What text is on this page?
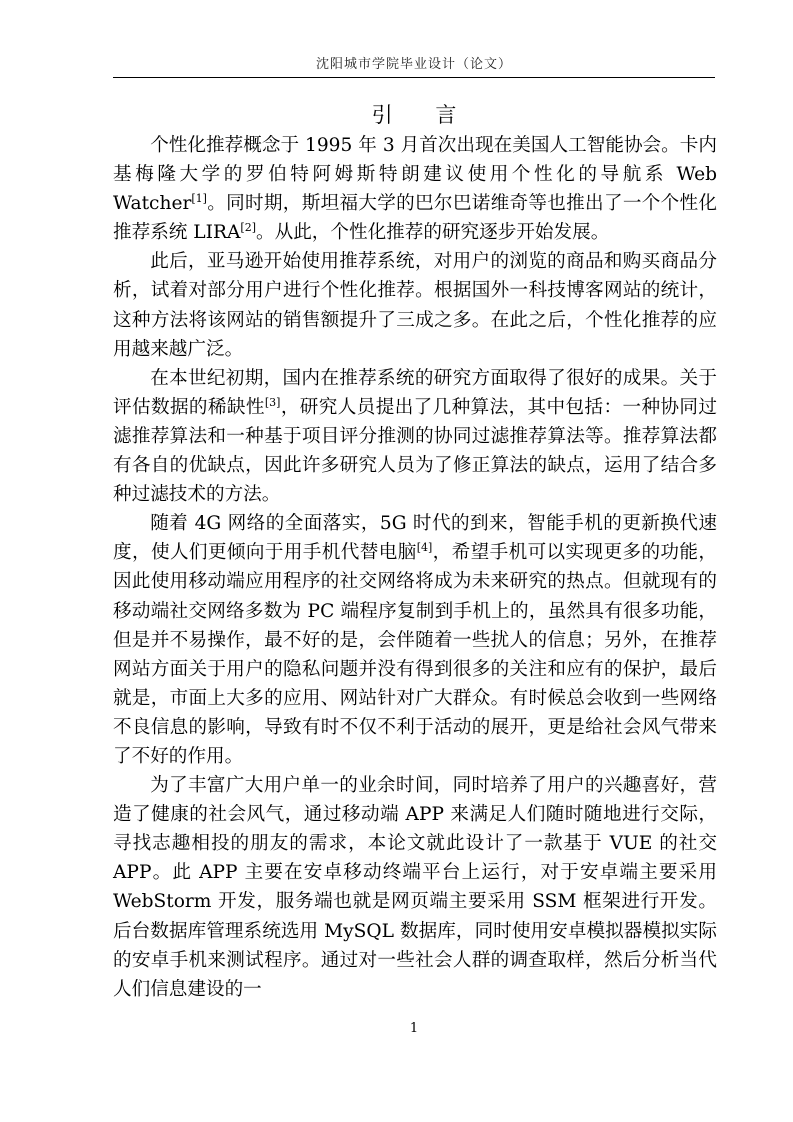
沈阳城市学院毕业设计（论文）
引 言

个性化推荐概念于 1995 年 3 月首次出现在美国人工智能协会。卡内基梅隆大学的罗伯特阿姆斯特朗建议使用个性化的导航系 Web Watcher[1]。同时期，斯坦福大学的巴尔巴诺维奇等也推出了一个个性化推荐系统 LIRA[2]。从此，个性化推荐的研究逐步开始发展。

此后，亚马逊开始使用推荐系统，对用户的浏览的商品和购买商品分析，试着对部分用户进行个性化推荐。根据国外一科技博客网站的统计，这种方法将该网站的销售额提升了三成之多。在此之后，个性化推荐的应用越来越广泛。

在本世纪初期，国内在推荐系统的研究方面取得了很好的成果。关于评估数据的稀缺性[3]，研究人员提出了几种算法，其中包括：一种协同过滤推荐算法和一种基于项目评分推测的协同过滤推荐算法等。推荐算法都有各自的优缺点，因此许多研究人员为了修正算法的缺点，运用了结合多种过滤技术的方法。

随着 4G 网络的全面落实，5G 时代的到来，智能手机的更新换代速度，使人们更倾向于用手机代替电脑[4]，希望手机可以实现更多的功能，因此使用移动端应用程序的社交网络将成为未来研究的热点。但就现有的移动端社交网络多数为 PC 端程序复制到手机上的，虽然具有很多功能，但是并不易操作，最不好的是，会伴随着一些扰人的信息；另外，在推荐网站方面关于用户的隐私问题并没有得到很多的关注和应有的保护，最后就是，市面上大多的应用、网站针对广大群众。有时候总会收到一些网络不良信息的影响，导致有时不仅不利于活动的展开，更是给社会风气带来了不好的作用。

为了丰富广大用户单一的业余时间，同时培养了用户的兴趣喜好，营造了健康的社会风气，通过移动端 APP 来满足人们随时随地进行交际，寻找志趣相投的朋友的需求，本论文就此设计了一款基于 VUE 的社交 APP。此 APP 主要在安卓移动终端平台上运行，对于安卓端主要采用 WebStorm 开发，服务端也就是网页端主要采用 SSM 框架进行开发。后台数据库管理系统选用 MySQL 数据库，同时使用安卓模拟器模拟实际的安卓手机来测试程序。通过对一些社会人群的调查取样，然后分析当代人们信息建设的一

1
